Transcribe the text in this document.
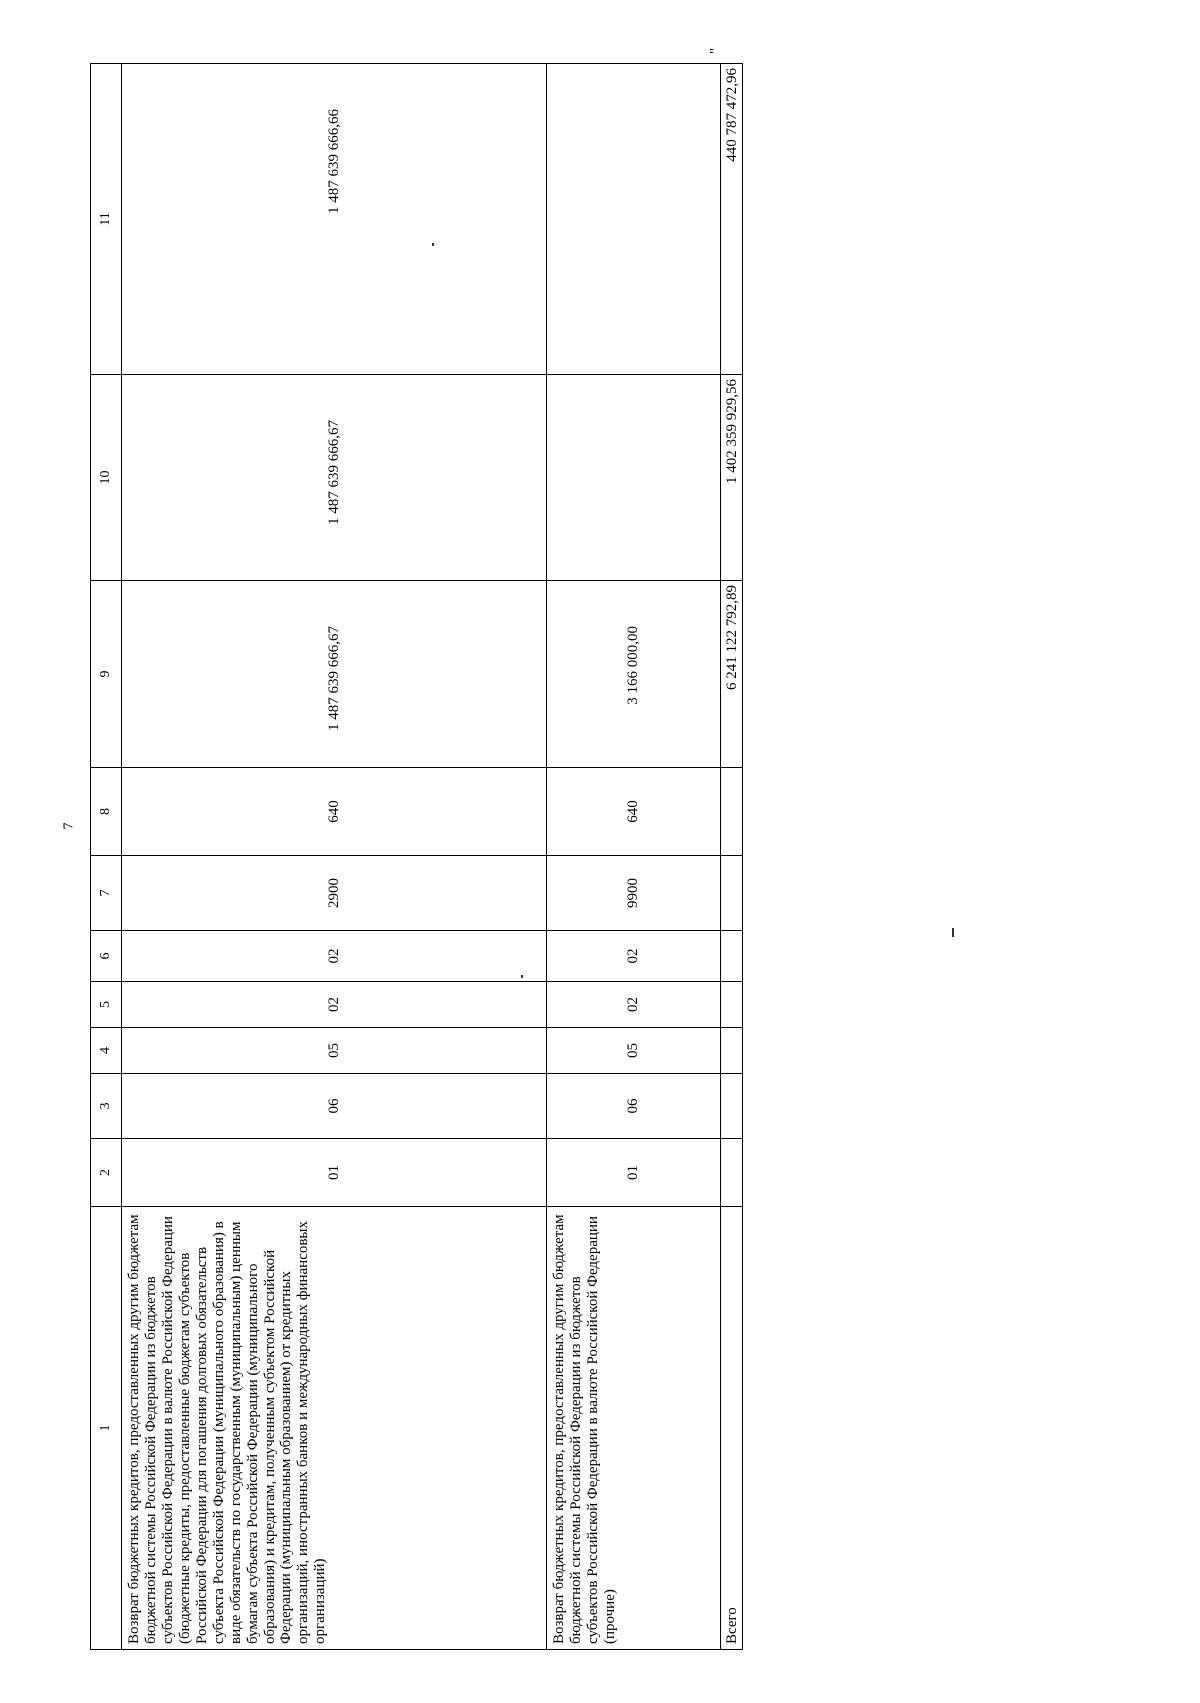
7
1	2	3	4	5	6	7	8	9	10	11
Возврат бюджетных кредитов, предоставленных другим бюджетам бюджетной системы Российской Федерации из бюджетов субъектов Российской Федерации в валюте Российской Федерации (бюджетные кредиты, предоставленные бюджетам субъектов Российской Федерации для погашения долговых обязательств субъекта Российской Федерации (муниципального образования) в виде обязательств по государственным (муниципальным) ценным бумагам субъекта Российской Федерации (муниципального образования) и кредитам, полученным субъектом Российской Федерации (муниципальным образованием) от кредитных организаций, иностранных банков и международных финансовых организаций)	01	06	05	02	02	2900	640	1 487 639 666,67	1 487 639 666,67	1 487 639 666,66
Возврат бюджетных кредитов, предоставленных другим бюджетам бюджетной системы Российской Федерации из бюджетов субъектов Российской Федерации в валюте Российской Федерации (прочие)	01	06	05	02	02	9900	640	3 166 000,00		
Всего								6 241 122 792,89	1 402 359 929,56	440 787 472,96
"
